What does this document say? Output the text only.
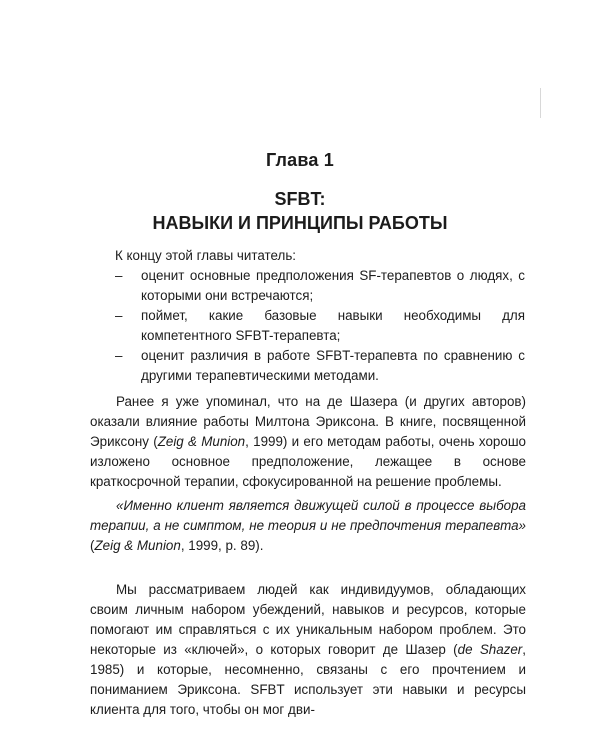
Глава 1
SFBT:
НАВЫКИ И ПРИНЦИПЫ РАБОТЫ

К концу этой главы читатель:

– оценит основные предположения SF-терапевтов о людях, с которыми они встречаются;
– поймет, какие базовые навыки необходимы для компетентного SFBT-терапевта;
– оценит различия в работе SFBT-терапевта по сравнению с другими терапевтическими методами.

Ранее я уже упоминал, что на де Шазера (и других авторов) оказали влияние работы Милтона Эриксона. В книге, посвященной Эриксону (Zeig & Munion, 1999) и его методам работы, очень хорошо изложено основное предположение, лежащее в основе краткосрочной терапии, сфокусированной на решение проблемы.

«Именно клиент является движущей силой в процессе выбора терапии, а не симптом, не теория и не предпочтения терапевта» (Zeig & Munion, 1999, p. 89).

Мы рассматриваем людей как индивидуумов, обладающих своим личным набором убеждений, навыков и ресурсов, которые помогают им справляться с их уникальным набором проблем. Это некоторые из «ключей», о которых говорит де Шазер (de Shazer, 1985) и которые, несомненно, связаны с его прочтением и пониманием Эриксона. SFBT использует эти навыки и ресурсы клиента для того, чтобы он мог дви-
